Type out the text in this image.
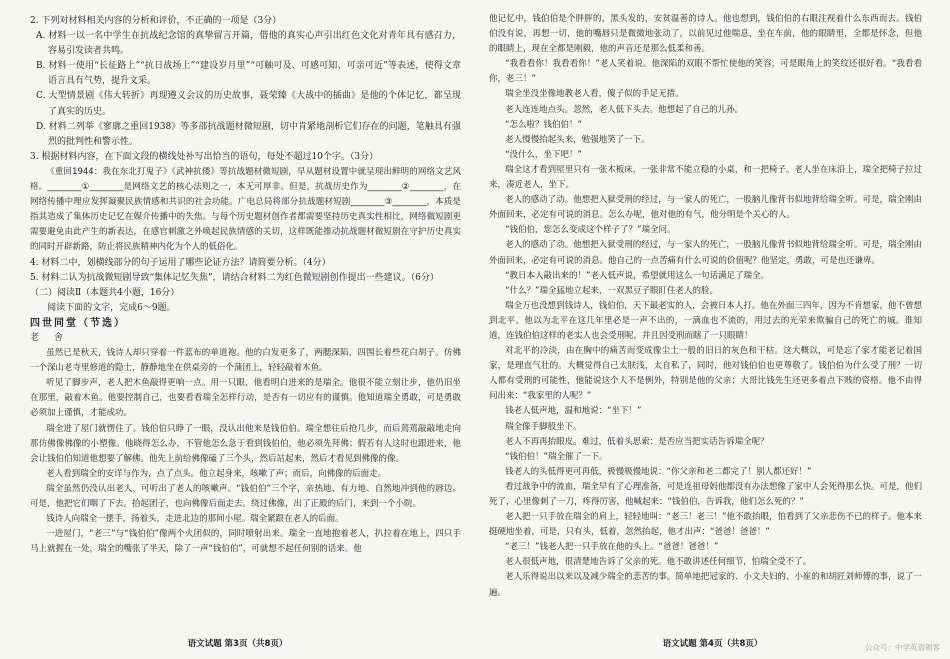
2. 下列对材料相关内容的分析和评价，不正确的一项是（3分）

A. 材料一以一名中学生在抗战纪念馆的真挚留言开篇，借他的真实心声引出红色文化对青年具有感召力，容易引发读者共鸣。

B. 材料一使用“长征路上”“抗日战场上”“建设岁月里”“可触可及、可感可知、可亲可近”等表述，使得文章语言具有气势，提升文采。

C. 大型情景剧《伟大转折》再现遵义会议的历史故事，聂荣臻《大战中的插曲》是他的个体记忆，都呈现了真实的历史。

D. 材料二列举《寥廓之重回1938》等多部抗战题材微短剧，切中肯紧地剖析它们存在的问题，笔触具有强烈的批判性和警示性。

3. 根据材料内容，在下面文段的横线处补写出恰当的语句，每处不超过10个字。（3分）

《重回1944：我在东北打鬼子》《武神抗倭》等抗战题材微短剧，早从题材设置中就呈现出鲜明的网络文艺风格。________①________是网络文艺的核心法则之一，本无可厚非。但是，抗战历史作为________②________，在网络传播中理应发挥凝聚民族情感和共识的社会功能。广电总局将部分抗战题材短剧________③________，本质是指其造成了集体历史记忆在媒介传播中的失焦。与每个历史题材创作者都需要坚持历史真实性相比，网络微短剧更需要避免由此产生的新表达，在感官刺激之外唤起民族情感的关切，这样既能推动抗战题材微短剧在守护历史真实的同时开辟新路，防止将民族精神内化为个人的低俗化。

4. 材料二中，划横线部分的句子运用了哪些论证方法？请简要分析。（4分）

5. 材料二认为抗战微短剧导致“集体记忆失焦”，请结合材料二为红色微短剧创作提出一些建议。（6分）

（二）阅读Ⅱ（本题共4小题，16分）

阅读下面的文字，完成6～9题。

四世同堂（节选）

老 舍

虽然已是秋天，钱诗人却只穿着一件蓝布的单道袍。他的白发更多了，两腮深陷，四围长着些花白胡子。仿佛一个深山老寺里修道的隐士，静静地坐在供桌旁的一个蒲团上，轻轻敲着木鱼。

听见了脚步声，老人把木鱼敲得更响一点。用一只眼，他看明白进来的是瑞全。他很不能立刻让步，他仍旧坐在那里，敲着木鱼。他要控制自己，也要看看瑞全怎样行动，是否有一切应有的谨慎。他知道瑞全勇敢，可是勇敢必须加上谨慎，才能成功。

瑞全进了屋门就愣住了。钱伯伯只睁了一眼，没认出他来是钱伯伯。瑞全想往后抢几步，而后蔫蔫敲敲地走向那仿佛像佛像的小塑像。他晓得怎么办，不管他怎么急于看到钱伯伯，他必须先拜佛；假若有人这时也跟进来，他会让钱伯伯知道他想要了解佛。他先上前给佛像磕了三个头，然后站起来，然后才看见到佛像的像。

老人看到瑞全的安详与作为，点了点头。他立起身来，咳嗽了声；而后，向佛像的后面走。

瑞全虽然仍没认出老人，可听出了老人的咳嗽声。“钱伯伯”三个字，亲热地、有力地、自然地冲到他的唇边。可是，他把它们咽了下去。拾起团子，也向佛像后面走去。绕过佛像，出了正殿的后门，来到一个小院。

钱诗人向瑞全一摆手，扬着头，走进北边的那间小屋。瑞全紧跟在老人的后面。

一进屋门，“老三”与“钱伯伯”像两个火团似的，同时喷射出来。瑞全一直地抱着老人，扒拉着在地上，四只手马上就握在一处，瑞全的嘴张了半天，除了一声“钱伯伯”，可就想不起任何别的话来。他

语文试题 第3页（共8页）

他记忆中，钱伯伯是个胖胖的，黑头发的，安贫温善的诗人。他也想到，钱伯伯的右眼注视着什么东西而去。钱伯伯没有说，再想一切，他的嘴唇只是微微地张动了，以前见过他喘息，坐在车前，他的眼睛里，全都是怀念，但他的眼睛上，现在全都是刚毅，他的声音还是那么低柔和善。

“我看看你！我看看你！”老人笑着说。他深陷的双眼不帮忙使他的笑容，可是眼角上的笑纹还很好看。“我看看你，老三！”

瑞全坐没坐像地教老人看，傻子似的手足无措。

老人连连地点头。忽然，老人低下头去。他想起了自己的儿孙。

“怎么啦？钱伯伯！”

老人慢慢抬起头来，勉强地笑了一下。

“没什么，坐下吧！”

瑞全这才看到屋里只有一张木板床，一张非常不能立稳的小桌，和一把椅子。老人坐在床沿上，瑞全把椅子拉过来，凑近老人，坐下。

老人的感动了动。他想把入狱受刑的经过，与一家人的死亡，一股脑儿像背书似地背给瑞全听。可是，瑞全刚由外面回来，必定有可说的消息。怎么办呢，他对他的有气，他分明是个关心的人。

“钱伯伯，您怎么变成这个样子了？”瑞全问。

老人的感动了动。他想把入狱受刑的经过，与一家人的死亡，一股脑儿像背书似地背给瑞全听。可是，瑞全刚由外面回来，必定有可说的消息。他自己的一点苦痛有什么可说的价值呢？他坚定，勇敢，可是也还谦卑。

“教日本人敲出来的！”老人低声说，希望就用这么一句话满足了瑞全。

“什么？”瑞全猛地立起来，一双黑豆子眼盯住老人的脸。

瑞全万也没想到钱诗人，钱伯伯，天下最老实的人，会被日本人打。他在外面三四年，因为不肯想家，他不曾想到北平。他以为北平在这几年里必是一声不出的，一滴血也不流的，用过去的光荣来欺骗自己的死亡的城。谁知道，连钱伯伯这样的老实人也会受刑呢，并且因受刑而瞎了一只眼睛！

对北平的冷淡，由在胸中的痛苦而变成像尘土一般的旧日的灰色和干枯。这大概以，可是忘了家才能老记着国家，是理直气壮的。大概觉得自己太肤浅，太自私了，同时，他对钱伯伯也更尊敬了。钱伯伯为什么受了刑？一切人都有受刑的可能性，他能说这个人不是例外，特别是他的父亲；大哥比钱先生还更多着点下贱的资格。他不由得问出来：“我家里的人呢？”

钱老人低声地，温和地说：“坐下！”

瑞全像手脚般坐下。

老人不再再抬眼皮。难过，低着头思索：是否应当把实话告诉瑞全呢？

“钱伯伯！”瑞全催了一下。

钱老人的头低得更可再低，极慢极慢地说：“你父亲和老二都完了！别人都还好！”

看过战争中的流血，瑞全早有了心理准备，可是连祖母妈他都没有办法想像了家中人会死得那么快。可是，他们死了，心里像刺了一刀，疼得厉害，他喊起来：“钱伯伯，告诉我，他们怎么死的？”

老人把一只手放在瑞全的肩上，轻轻地叫：“老三！老三！”他不敢抬眼，怕看到了父亲悲伤不已的样子。他本来挺硬地坐着，可是，只有头，低着，忽然抬起，他才出声：“爸爸！爸爸！”

“老三！”钱老人把一只手放在他的头上。“爸爸！爸爸！”

老人很低声地，很清楚地告诉了父亲的死。他不敢讲述任何细节，怕瑞全受不了。

老人乐得说出以来以及减少瑞全的悲苦的事。简单地把冠家的、小文夫妇的、小崔的和胡匠刘师傅的事，说了一遍。

语文试题 第4页（共8页）	公众号：中学英语领客
